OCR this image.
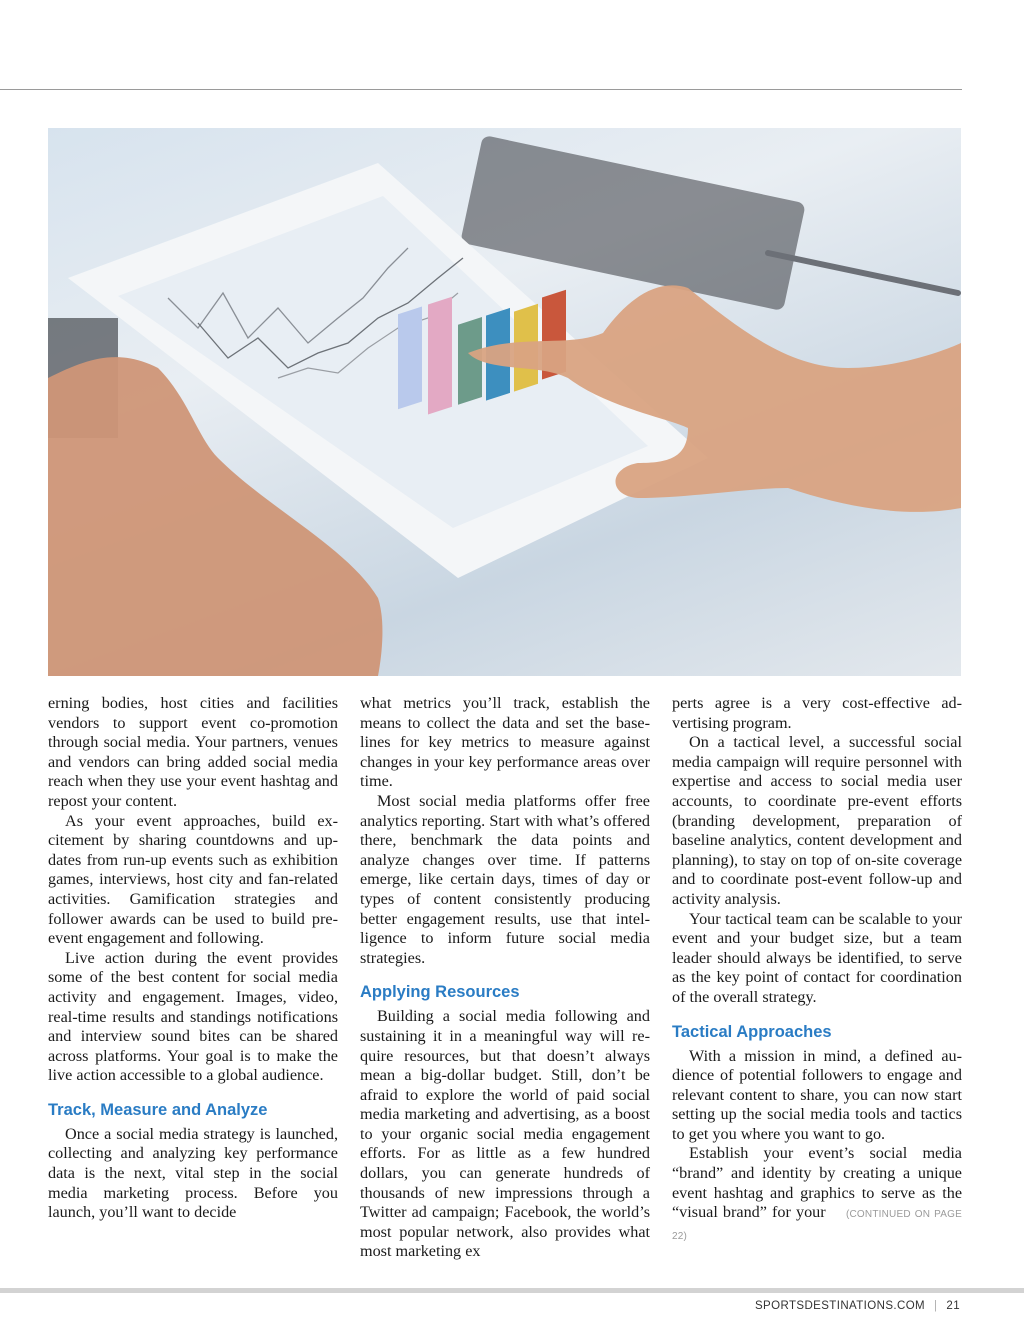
erning bodies, host cities and facilities vendors to support event co-promotion through social media. Your partners, venues and vendors can bring added social media reach when they use your event hashtag and repost your content.

As your event approaches, build excitement by sharing countdowns and updates from run-up events such as exhibition games, interviews, host city and fan-related activities. Gamification strategies and follower awards can be used to build pre-event engagement and following.

Live action during the event provides some of the best content for social media activity and engagement. Images, video, real-time results and standings notifications and interview sound bites can be shared across platforms. Your goal is to make the live action accessible to a global audience.

Track, Measure and Analyze

Once a social media strategy is launched, collecting and analyzing key performance data is the next, vital step in the social media marketing process. Before you launch, you’ll want to decide

what metrics you’ll track, establish the means to collect the data and set the baselines for key metrics to measure against changes in your key performance areas over time.

Most social media platforms offer free analytics reporting. Start with what’s offered there, benchmark the data points and analyze changes over time. If patterns emerge, like certain days, times of day or types of content consistently producing better engagement results, use that intelligence to inform future social media strategies.

Applying Resources

Building a social media following and sustaining it in a meaningful way will require resources, but that doesn’t always mean a big-dollar budget. Still, don’t be afraid to explore the world of paid social media marketing and advertising, as a boost to your organic social media engagement efforts. For as little as a few hundred dollars, you can generate hundreds of thousands of new impressions through a Twitter ad campaign; Facebook, the world’s most popular network, also provides what most marketing ex

perts agree is a very cost-effective advertising program.

On a tactical level, a successful social media campaign will require personnel with expertise and access to social media user accounts, to coordinate pre-event efforts (branding development, preparation of baseline analytics, content development and planning), to stay on top of on-site coverage and to coordinate post-event follow-up and activity analysis.

Your tactical team can be scalable to your event and your budget size, but a team leader should always be identified, to serve as the key point of contact for coordination of the overall strategy.

Tactical Approaches

With a mission in mind, a defined audience of potential followers to engage and relevant content to share, you can now start setting up the social media tools and tactics to get you where you want to go.

Establish your event’s social media “brand” and identity by creating a unique event hashtag and graphics to serve as the “visual brand” for your (CONTINUED ON PAGE 22)

SPORTSDESTINATIONS.COM | 21
